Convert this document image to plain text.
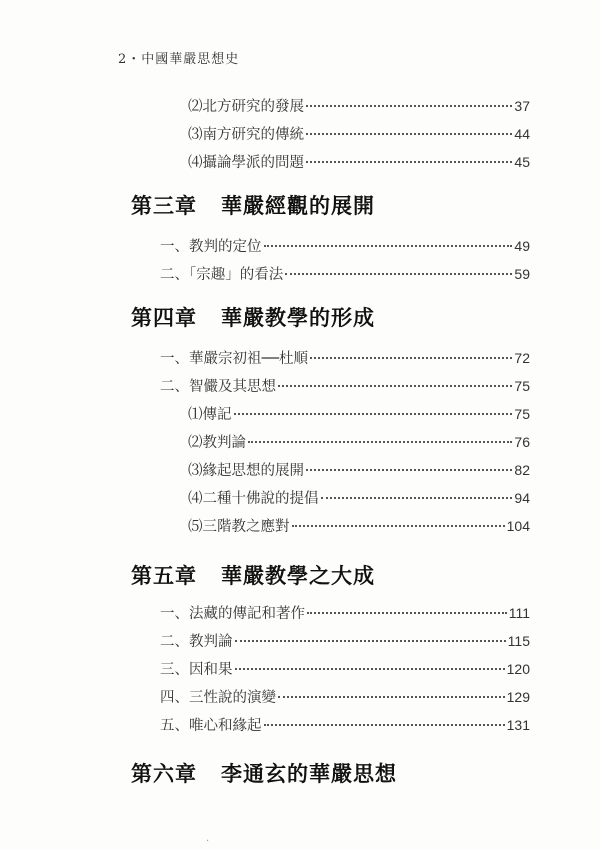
2・中國華嚴思想史
⑵北方研究的發展	37
⑶南方研究的傳統	44
⑷攝論學派的問題	45
第三章 華嚴經觀的展開
一、教判的定位	49
二、「宗趣」的看法	59
第四章 華嚴教學的形成
一、華嚴宗初祖──杜順	72
二、智儼及其思想	75
⑴傳記	75
⑵教判論	76
⑶緣起思想的展開	82
⑷二種十佛說的提倡	94
⑸三階教之應對	104
第五章 華嚴教學之大成
一、法藏的傳記和著作	111
二、教判論	115
三、因和果	120
四、三性說的演變	129
五、唯心和緣起	131
第六章 李通玄的華嚴思想
·
